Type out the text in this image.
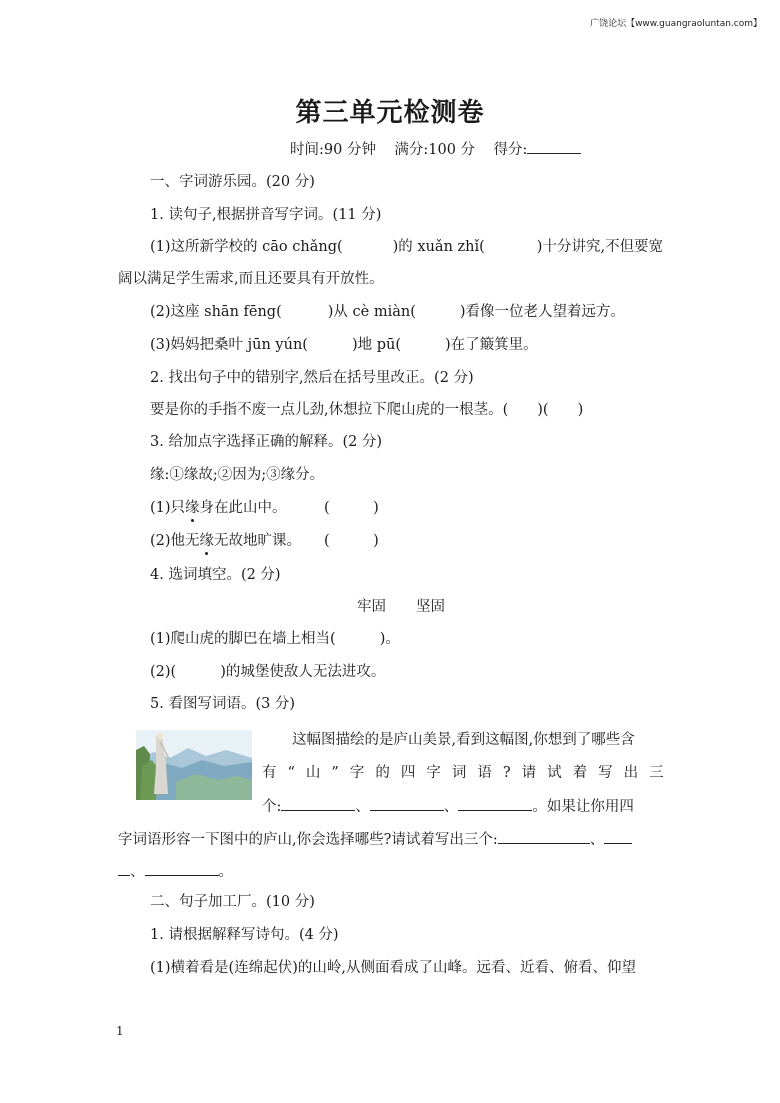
广饶论坛【www.guangraoluntan.com】
第三单元检测卷
时间:90 分钟 满分:100 分 得分:
一、字词游乐园。(20 分)
1. 读句子,根据拼音写字词。(11 分)
(1)这所新学校的 cāo chǎng(	)的 xuǎn zhǐ(	)十分讲究,不但要宽
阔以满足学生需求,而且还要具有开放性。
(2)这座 shān fēng(	)从 cè miàn(	)看像一位老人望着远方。
(3)妈妈把桑叶 jūn yún(	)地 pū(	)在了簸箕里。
2. 找出句子中的错别字,然后在括号里改正。(2 分)
要是你的手指不废一点儿劲,休想拉下爬山虎的一根茎。(　　)(　　)
3. 给加点字选择正确的解释。(2 分)
缘:①缘故;②因为;③缘分。
(1)只缘身在此山中。	(　　　)
(2)他无缘无故地旷课。 (　　　)
4. 选词填空。(2 分)
牢固 坚固
(1)爬山虎的脚巴在墙上相当(	)。
(2)(	)的城堡使敌人无法进攻。
5. 看图写词语。(3 分)
这幅图描绘的是庐山美景,看到这幅图,你想到了哪些含
有“山”字的四字词语?请试着写出三
个:	、	、	。如果让你用四
字词语形容一下图中的庐山,你会选择哪些?请试着写出三个:	、
、	。
二、句子加工厂。(10 分)
1. 请根据解释写诗句。(4 分)
(1)横着看是(连绵起伏)的山岭,从侧面看成了山峰。远看、近看、俯看、仰望
1
